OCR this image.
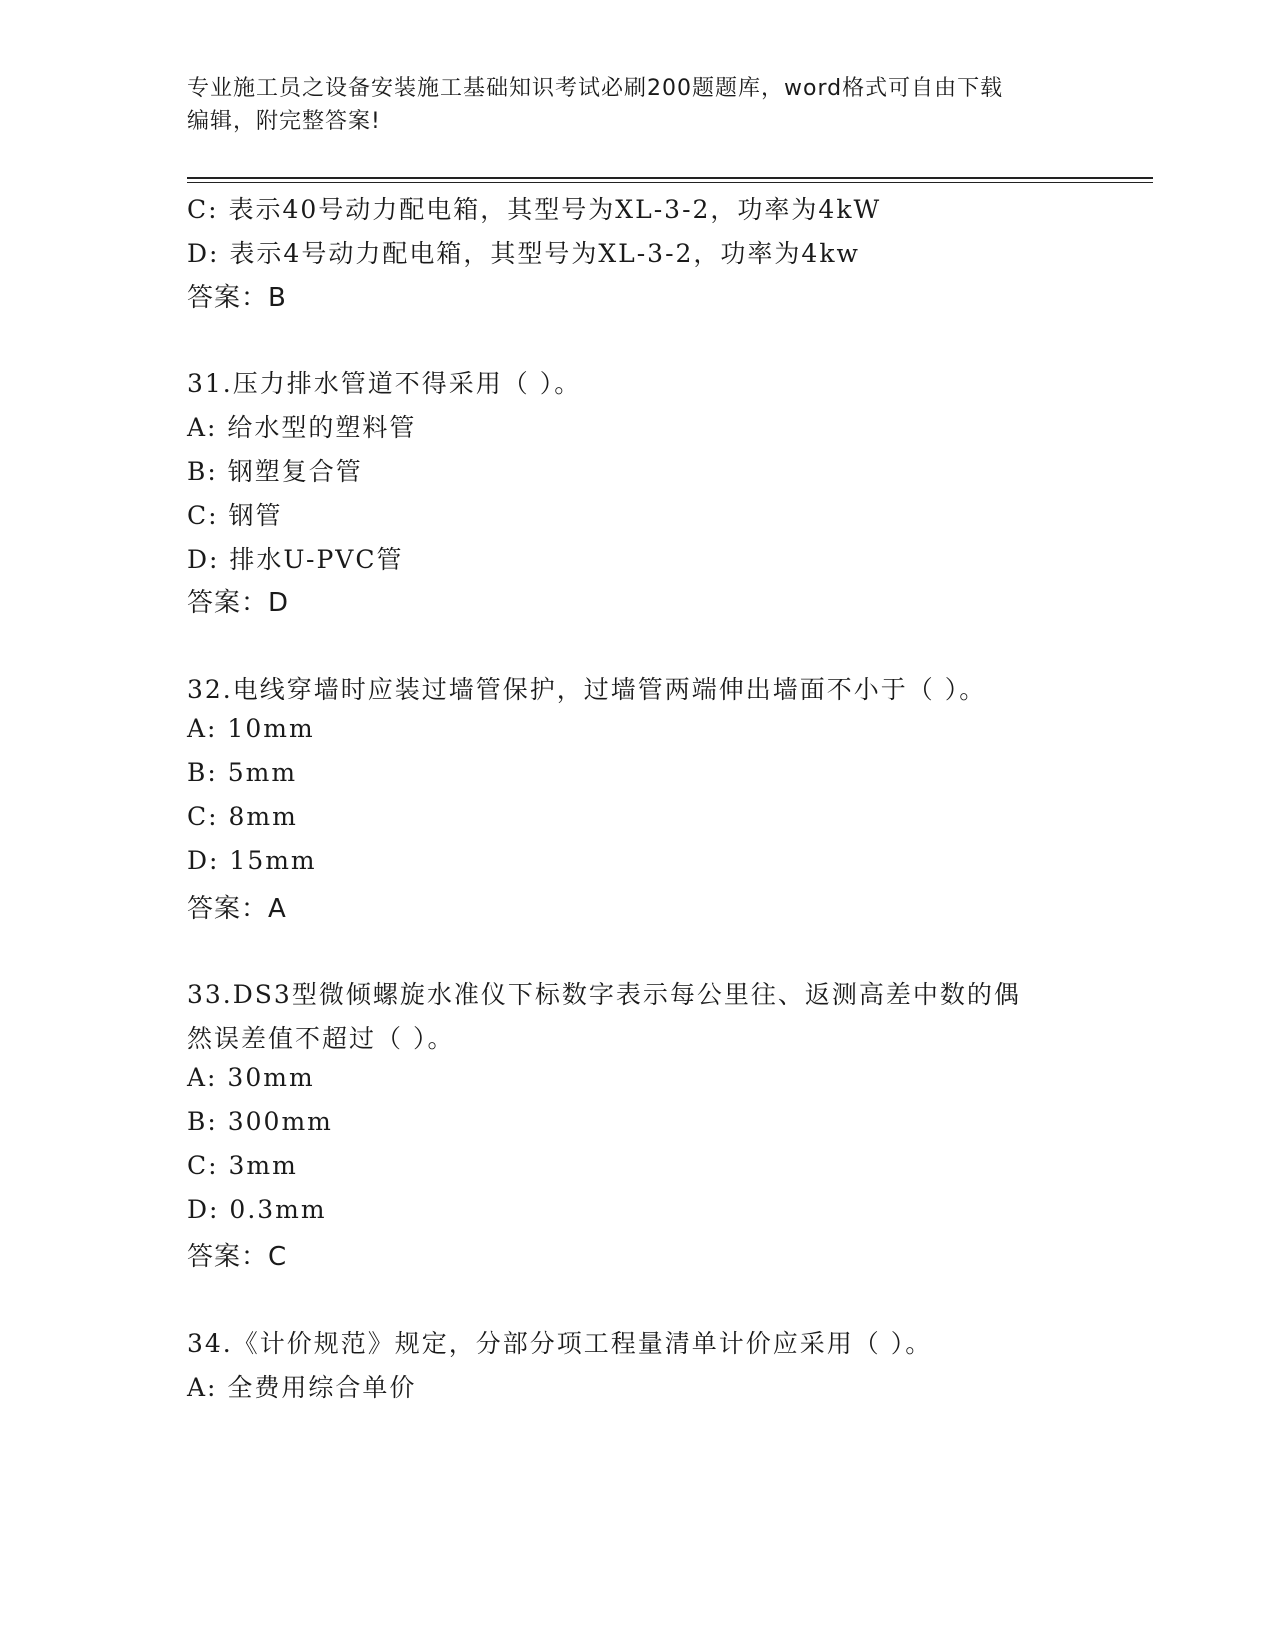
专业施工员之设备安装施工基础知识考试必刷200题题库，word格式可自由下载
编辑，附完整答案!
C: 表示40号动力配电箱，其型号为XL-3-2，功率为4kW
D: 表示4号动力配电箱，其型号为XL-3-2，功率为4kw
答案：B
31.压力排水管道不得采用（ ）。
A: 给水型的塑料管
B: 钢塑复合管
C: 钢管
D: 排水U-PVC管
答案：D
32.电线穿墙时应装过墙管保护，过墙管两端伸出墙面不小于（ ）。
A: 10mm
B: 5mm
C: 8mm
D: 15mm
答案：A
33.DS3型微倾螺旋水准仪下标数字表示每公里往、返测高差中数的偶
然误差值不超过（ ）。
A: 30mm
B: 300mm
C: 3mm
D: 0.3mm
答案：C
34.《计价规范》规定，分部分项工程量清单计价应采用（ ）。
A: 全费用综合单价
